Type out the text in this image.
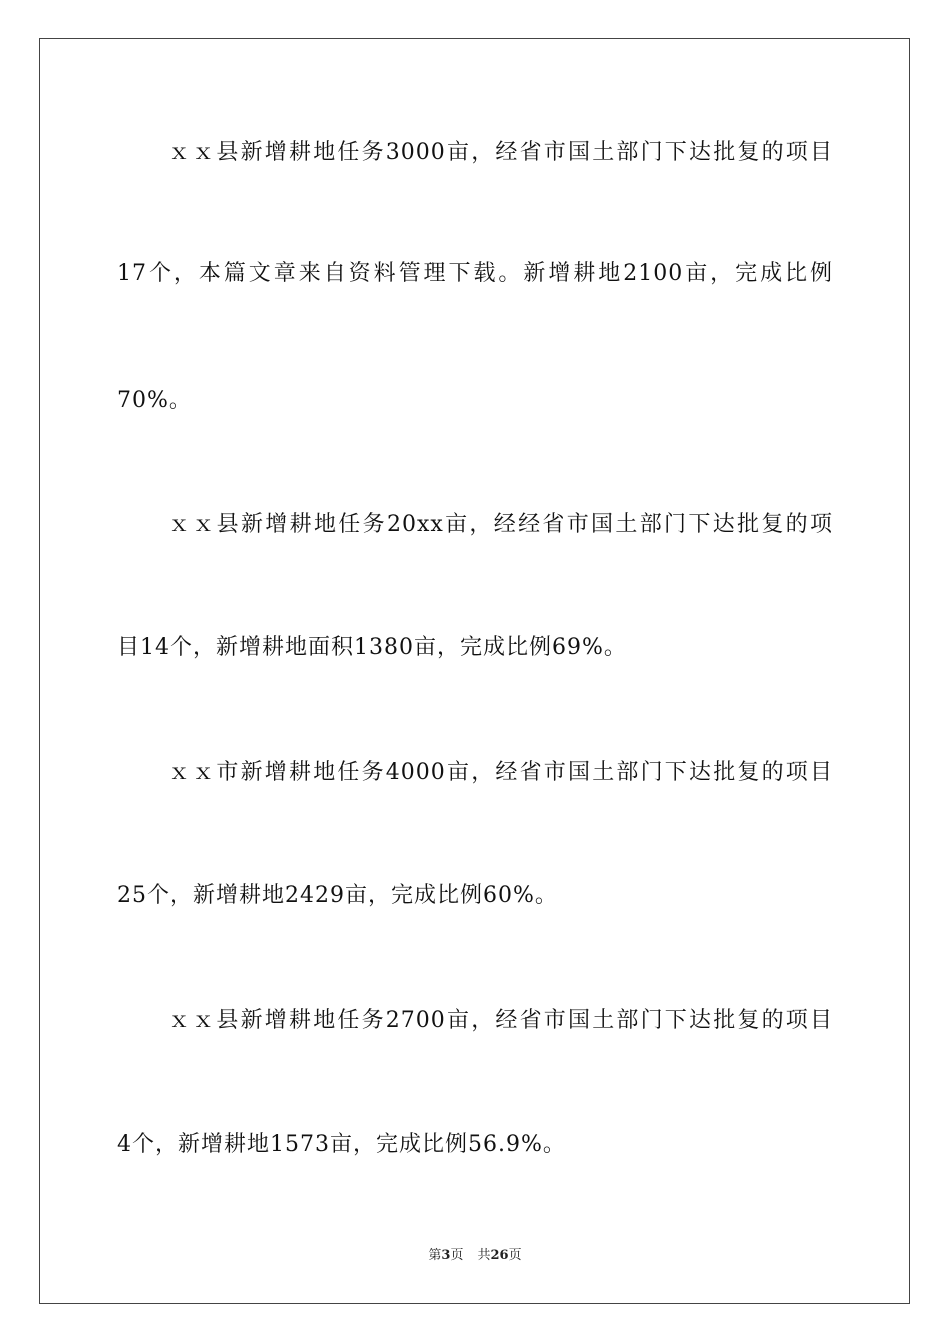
ｘｘ县新增耕地任务3000亩，经省市国土部门下达批复的项目
17个，本篇文章来自资料管理下载。新增耕地2100亩，完成比例
70%。
ｘｘ县新增耕地任务20xx亩，经经省市国土部门下达批复的项
目14个，新增耕地面积1380亩，完成比例69%。
ｘｘ市新增耕地任务4000亩，经省市国土部门下达批复的项目
25个，新增耕地2429亩，完成比例60%。
ｘｘ县新增耕地任务2700亩，经省市国土部门下达批复的项目
4个，新增耕地1573亩，完成比例56.9%。
第3页 共26页
